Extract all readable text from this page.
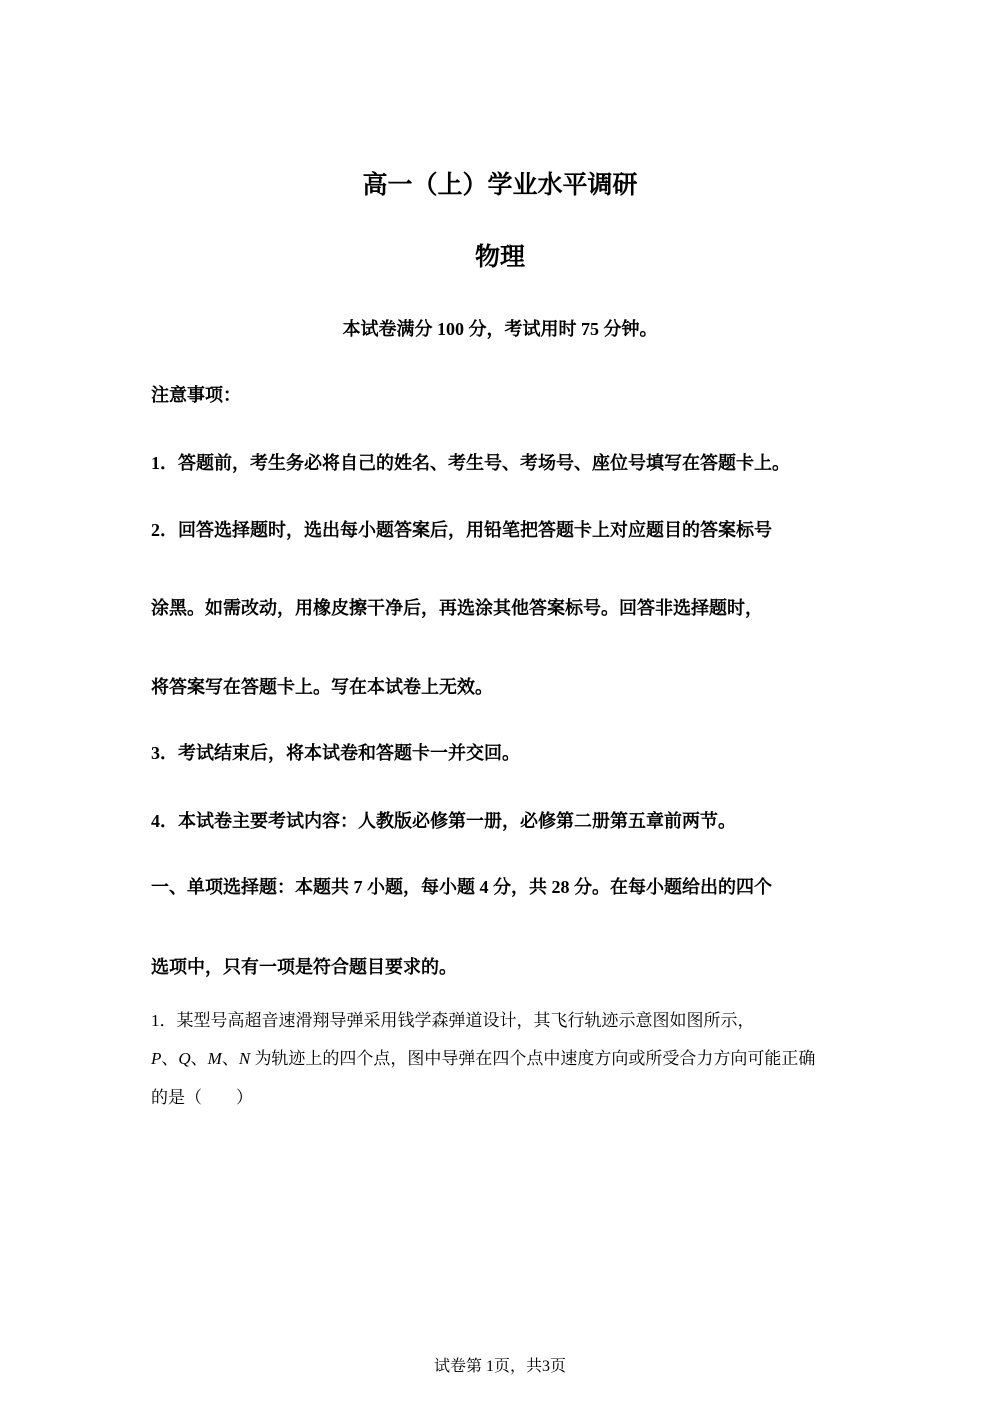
高一（上）学业水平调研
物理
本试卷满分 100 分，考试用时 75 分钟。
注意事项：
1．答题前，考生务必将自己的姓名、考生号、考场号、座位号填写在答题卡上。
2．回答选择题时，选出每小题答案后，用铅笔把答题卡上对应题目的答案标号
涂黑。如需改动，用橡皮擦干净后，再选涂其他答案标号。回答非选择题时，
将答案写在答题卡上。写在本试卷上无效。
3．考试结束后，将本试卷和答题卡一并交回。
4．本试卷主要考试内容：人教版必修第一册，必修第二册第五章前两节。
一、单项选择题：本题共 7 小题，每小题 4 分，共 28 分。在每小题给出的四个
选项中，只有一项是符合题目要求的。
1．某型号高超音速滑翔导弹采用钱学森弹道设计，其飞行轨迹示意图如图所示，
P、Q、M、N 为轨迹上的四个点，图中导弹在四个点中速度方向或所受合力方向可能正确
的是（　　）
试卷第 1页，共3页
